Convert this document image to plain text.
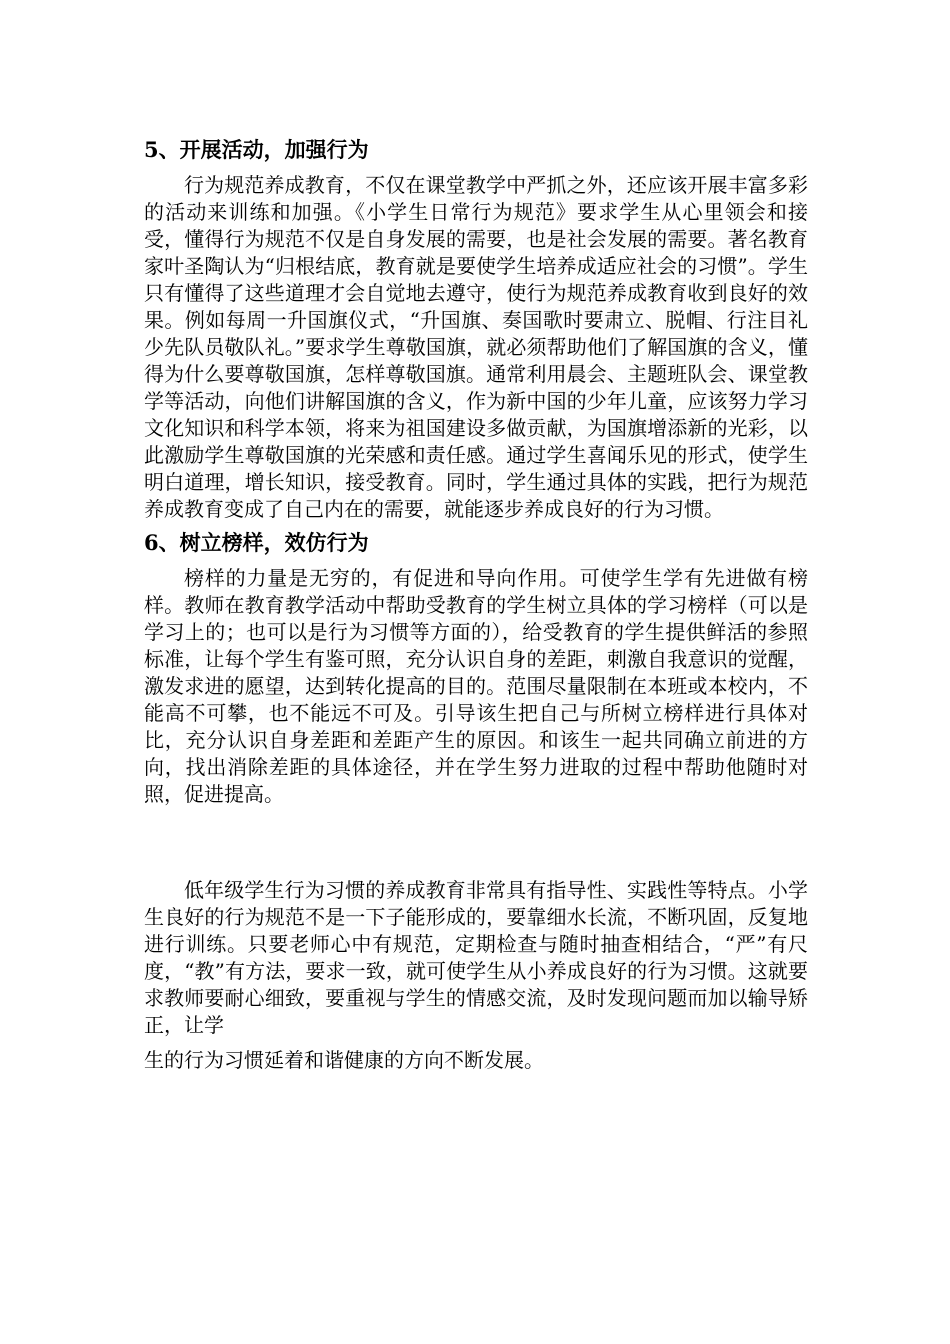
5、开展活动，加强行为

行为规范养成教育，不仅在课堂教学中严抓之外，还应该开展丰富多彩的活动来训练和加强。《小学生日常行为规范》要求学生从心里领会和接受，懂得行为规范不仅是自身发展的需要，也是社会发展的需要。著名教育家叶圣陶认为“归根结底，教育就是要使学生培养成适应社会的习惯”。学生只有懂得了这些道理才会自觉地去遵守，使行为规范养成教育收到良好的效果。例如每周一升国旗仪式，“升国旗、奏国歌时要肃立、脱帽、行注目礼少先队员敬队礼。”要求学生尊敬国旗，就必须帮助他们了解国旗的含义，懂得为什么要尊敬国旗，怎样尊敬国旗。通常利用晨会、主题班队会、课堂教学等活动，向他们讲解国旗的含义，作为新中国的少年儿童，应该努力学习文化知识和科学本领，将来为祖国建设多做贡献，为国旗增添新的光彩，以此激励学生尊敬国旗的光荣感和责任感。通过学生喜闻乐见的形式，使学生明白道理，增长知识，接受教育。同时，学生通过具体的实践，把行为规范养成教育变成了自己内在的需要，就能逐步养成良好的行为习惯。

6、树立榜样，效仿行为

榜样的力量是无穷的，有促进和导向作用。可使学生学有先进做有榜样。教师在教育教学活动中帮助受教育的学生树立具体的学习榜样（可以是学习上的；也可以是行为习惯等方面的），给受教育的学生提供鲜活的参照标准，让每个学生有鉴可照，充分认识自身的差距，刺激自我意识的觉醒，激发求进的愿望，达到转化提高的目的。范围尽量限制在本班或本校内，不能高不可攀，也不能远不可及。引导该生把自己与所树立榜样进行具体对比，充分认识自身差距和差距产生的原因。和该生一起共同确立前进的方向，找出消除差距的具体途径，并在学生努力进取的过程中帮助他随时对照，促进提高。

低年级学生行为习惯的养成教育非常具有指导性、实践性等特点。小学生良好的行为规范不是一下子能形成的，要靠细水长流，不断巩固，反复地进行训练。只要老师心中有规范，定期检查与随时抽查相结合，“严”有尺度，“教”有方法，要求一致，就可使学生从小养成良好的行为习惯。这就要求教师要耐心细致，要重视与学生的情感交流，及时发现问题而加以输导矫正，让学

生的行为习惯延着和谐健康的方向不断发展。
